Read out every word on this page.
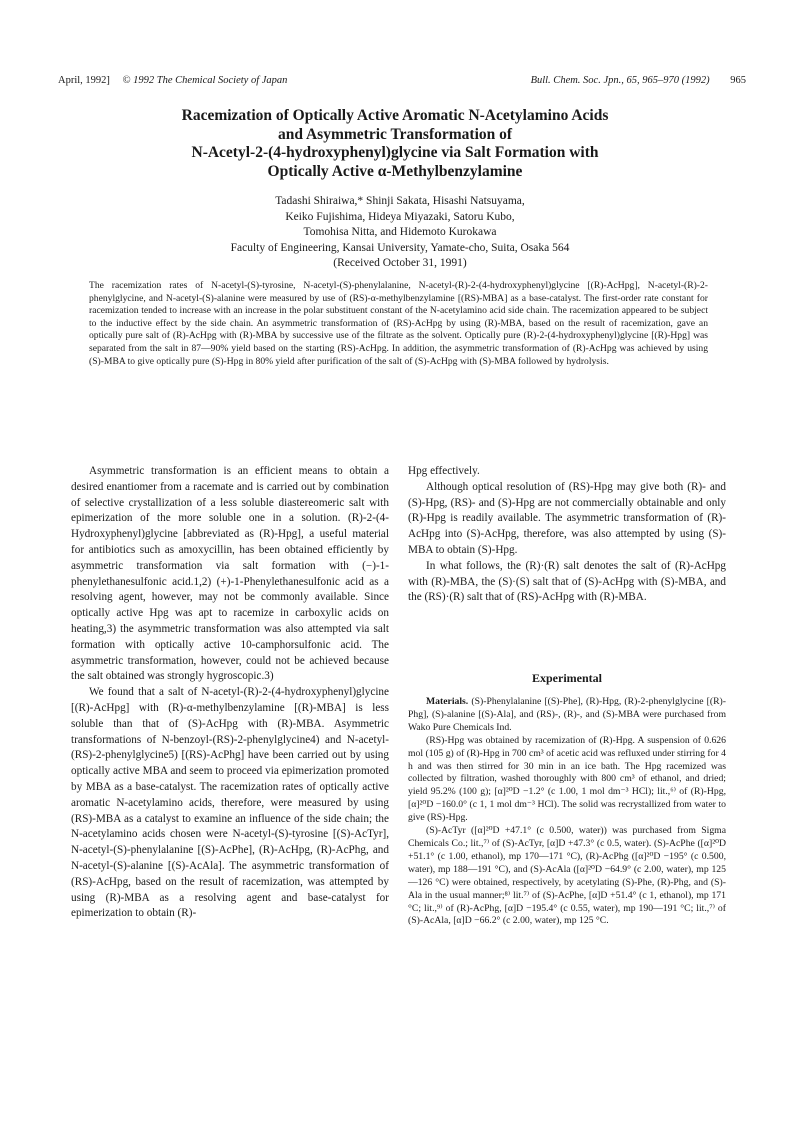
April, 1992] © 1992 The Chemical Society of Japan	Bull. Chem. Soc. Jpn., 65, 965–970 (1992) 965
Racemization of Optically Active Aromatic N-Acetylamino Acids
and Asymmetric Transformation of
N-Acetyl-2-(4-hydroxyphenyl)glycine via Salt Formation with
Optically Active α-Methylbenzylamine
Tadashi Shiraiwa,* Shinji Sakata, Hisashi Natsuyama,
Keiko Fujishima, Hideya Miyazaki, Satoru Kubo,
Tomohisa Nitta, and Hidemoto Kurokawa
Faculty of Engineering, Kansai University, Yamate-cho, Suita, Osaka 564
(Received October 31, 1991)
The racemization rates of N-acetyl-(S)-tyrosine, N-acetyl-(S)-phenylalanine, N-acetyl-(R)-2-(4-hydroxyphenyl)glycine [(R)-AcHpg], N-acetyl-(R)-2-phenylglycine, and N-acetyl-(S)-alanine were measured by use of (RS)-α-methylbenzylamine [(RS)-MBA] as a base-catalyst. The first-order rate constant for racemization tended to increase with an increase in the polar substituent constant of the N-acetylamino acid side chain. The racemization appeared to be subject to the inductive effect by the side chain. An asymmetric transformation of (RS)-AcHpg by using (R)-MBA, based on the result of racemization, gave an optically pure salt of (R)-AcHpg with (R)-MBA by successive use of the filtrate as the solvent. Optically pure (R)-2-(4-hydroxyphenyl)glycine [(R)-Hpg] was separated from the salt in 87—90% yield based on the starting (RS)-AcHpg. In addition, the asymmetric transformation of (R)-AcHpg was achieved by using (S)-MBA to give optically pure (S)-Hpg in 80% yield after purification of the salt of (S)-AcHpg with (S)-MBA followed by hydrolysis.

Asymmetric transformation is an efficient means to obtain a desired enantiomer from a racemate and is carried out by combination of selective crystallization of a less soluble diastereomeric salt with epimerization of the more soluble one in a solution. (R)-2-(4-Hydroxyphenyl)glycine [abbreviated as (R)-Hpg], a useful material for antibiotics such as amoxycillin, has been obtained efficiently by asymmetric transformation via salt formation with (−)-1-phenylethanesulfonic acid.1,2) (+)-1-Phenylethanesulfonic acid as a resolving agent, however, may not be commonly available. Since optically active Hpg was apt to racemize in carboxylic acids on heating,3) the asymmetric transformation was also attempted via salt formation with optically active 10-camphorsulfonic acid. The asymmetric transformation, however, could not be achieved because the salt obtained was strongly hygroscopic.3)

We found that a salt of N-acetyl-(R)-2-(4-hydroxyphenyl)glycine [(R)-AcHpg] with (R)-α-methylbenzylamine [(R)-MBA] is less soluble than that of (S)-AcHpg with (R)-MBA. Asymmetric transformations of N-benzoyl-(RS)-2-phenylglycine4) and N-acetyl-(RS)-2-phenylglycine5) [(RS)-AcPhg] have been carried out by using optically active MBA and seem to proceed via epimerization promoted by MBA as a base-catalyst. The racemization rates of optically active aromatic N-acetylamino acids, therefore, were measured by using (RS)-MBA as a catalyst to examine an influence of the side chain; the N-acetylamino acids chosen were N-acetyl-(S)-tyrosine [(S)-AcTyr], N-acetyl-(S)-phenylalanine [(S)-AcPhe], (R)-AcHpg, (R)-AcPhg, and N-acetyl-(S)-alanine [(S)-AcAla]. The asymmetric transformation of (RS)-AcHpg, based on the result of racemization, was attempted by using (R)-MBA as a resolving agent and base-catalyst for epimerization to obtain (R)-

Hpg effectively.

Although optical resolution of (RS)-Hpg may give both (R)- and (S)-Hpg, (RS)- and (S)-Hpg are not commercially obtainable and only (R)-Hpg is readily available. The asymmetric transformation of (R)-AcHpg into (S)-AcHpg, therefore, was also attempted by using (S)-MBA to obtain (S)-Hpg.

In what follows, the (R)·(R) salt denotes the salt of (R)-AcHpg with (R)-MBA, the (S)·(S) salt that of (S)-AcHpg with (S)-MBA, and the (RS)·(R) salt that of (RS)-AcHpg with (R)-MBA.

Experimental

Materials. (S)-Phenylalanine [(S)-Phe], (R)-Hpg, (R)-2-phenylglycine [(R)-Phg], (S)-alanine [(S)-Ala], and (RS)-, (R)-, and (S)-MBA were purchased from Wako Pure Chemicals Ind.

(RS)-Hpg was obtained by racemization of (R)-Hpg. A suspension of 0.626 mol (105 g) of (R)-Hpg in 700 cm³ of acetic acid was refluxed under stirring for 4 h and was then stirred for 30 min in an ice bath. The Hpg racemized was collected by filtration, washed thoroughly with 800 cm³ of ethanol, and dried; yield 95.2% (100 g); [α]²⁰D −1.2° (c 1.00, 1 mol dm⁻³ HCl); lit.,⁶⁾ of (R)-Hpg, [α]²⁰D −160.0° (c 1, 1 mol dm⁻³ HCl). The solid was recrystallized from water to give (RS)-Hpg.

(S)-AcTyr ([α]²⁰D +47.1° (c 0.500, water)) was purchased from Sigma Chemicals Co.; lit.,⁷⁾ of (S)-AcTyr, [α]D +47.3° (c 0.5, water). (S)-AcPhe ([α]²⁰D +51.1° (c 1.00, ethanol), mp 170—171 °C), (R)-AcPhg ([α]²⁰D −195° (c 0.500, water), mp 188—191 °C), and (S)-AcAla ([α]²⁰D −64.9° (c 2.00, water), mp 125—126 °C) were obtained, respectively, by acetylating (S)-Phe, (R)-Phg, and (S)-Ala in the usual manner;⁸⁾ lit.⁷⁾ of (S)-AcPhe, [α]D +51.4° (c 1, ethanol), mp 171 °C; lit.,⁹⁾ of (R)-AcPhg, [α]D −195.4° (c 0.55, water), mp 190—191 °C; lit.,⁷⁾ of (S)-AcAla, [α]D −66.2° (c 2.00, water), mp 125 °C.
